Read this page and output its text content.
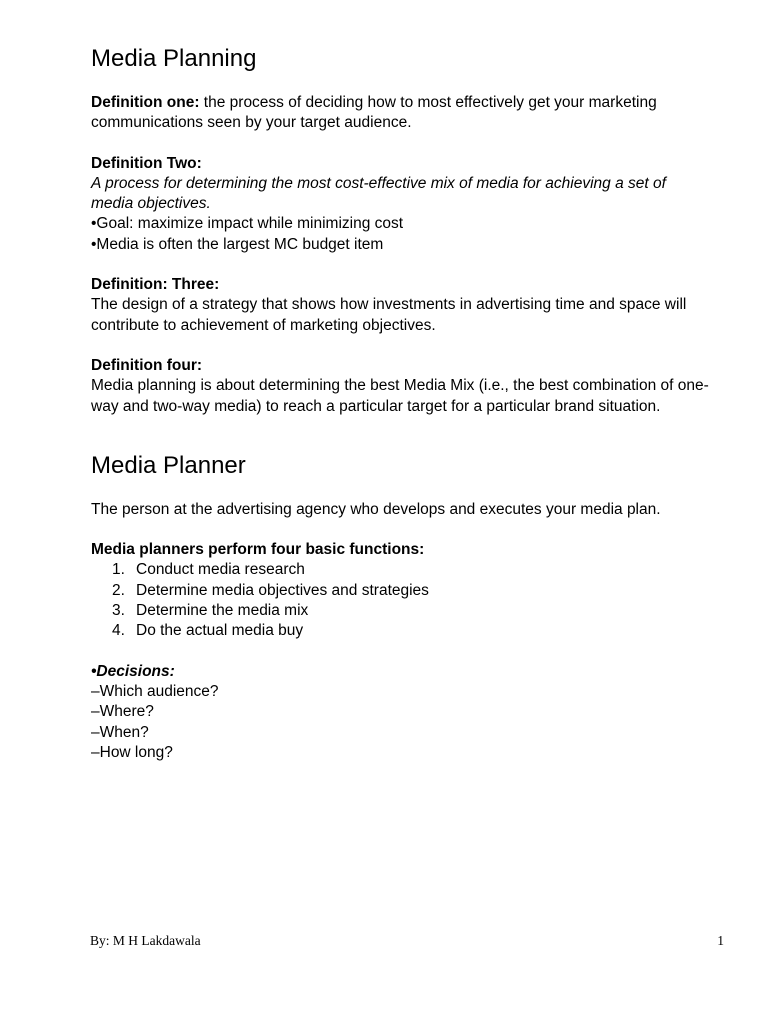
Media Planning

Definition one: the process of deciding how to most effectively get your marketing communications seen by your target audience.

Definition Two:

A process for determining the most cost-effective mix of media for achieving a set of media objectives.

•Goal: maximize impact while minimizing cost

•Media is often the largest MC budget item

Definition: Three:

The design of a strategy that shows how investments in advertising time and space will contribute to achievement of marketing objectives.

Definition four:

Media planning is about determining the best Media Mix (i.e., the best combination of one-way and two-way media) to reach a particular target for a particular brand situation.

Media Planner

The person at the advertising agency who develops and executes your media plan.

Media planners perform four basic functions:

1. Conduct media research
2. Determine media objectives and strategies
3. Determine the media mix
4. Do the actual media buy

•Decisions:

–Which audience?

–Where?

–When?

–How long?

By: M H Lakdawala	1
